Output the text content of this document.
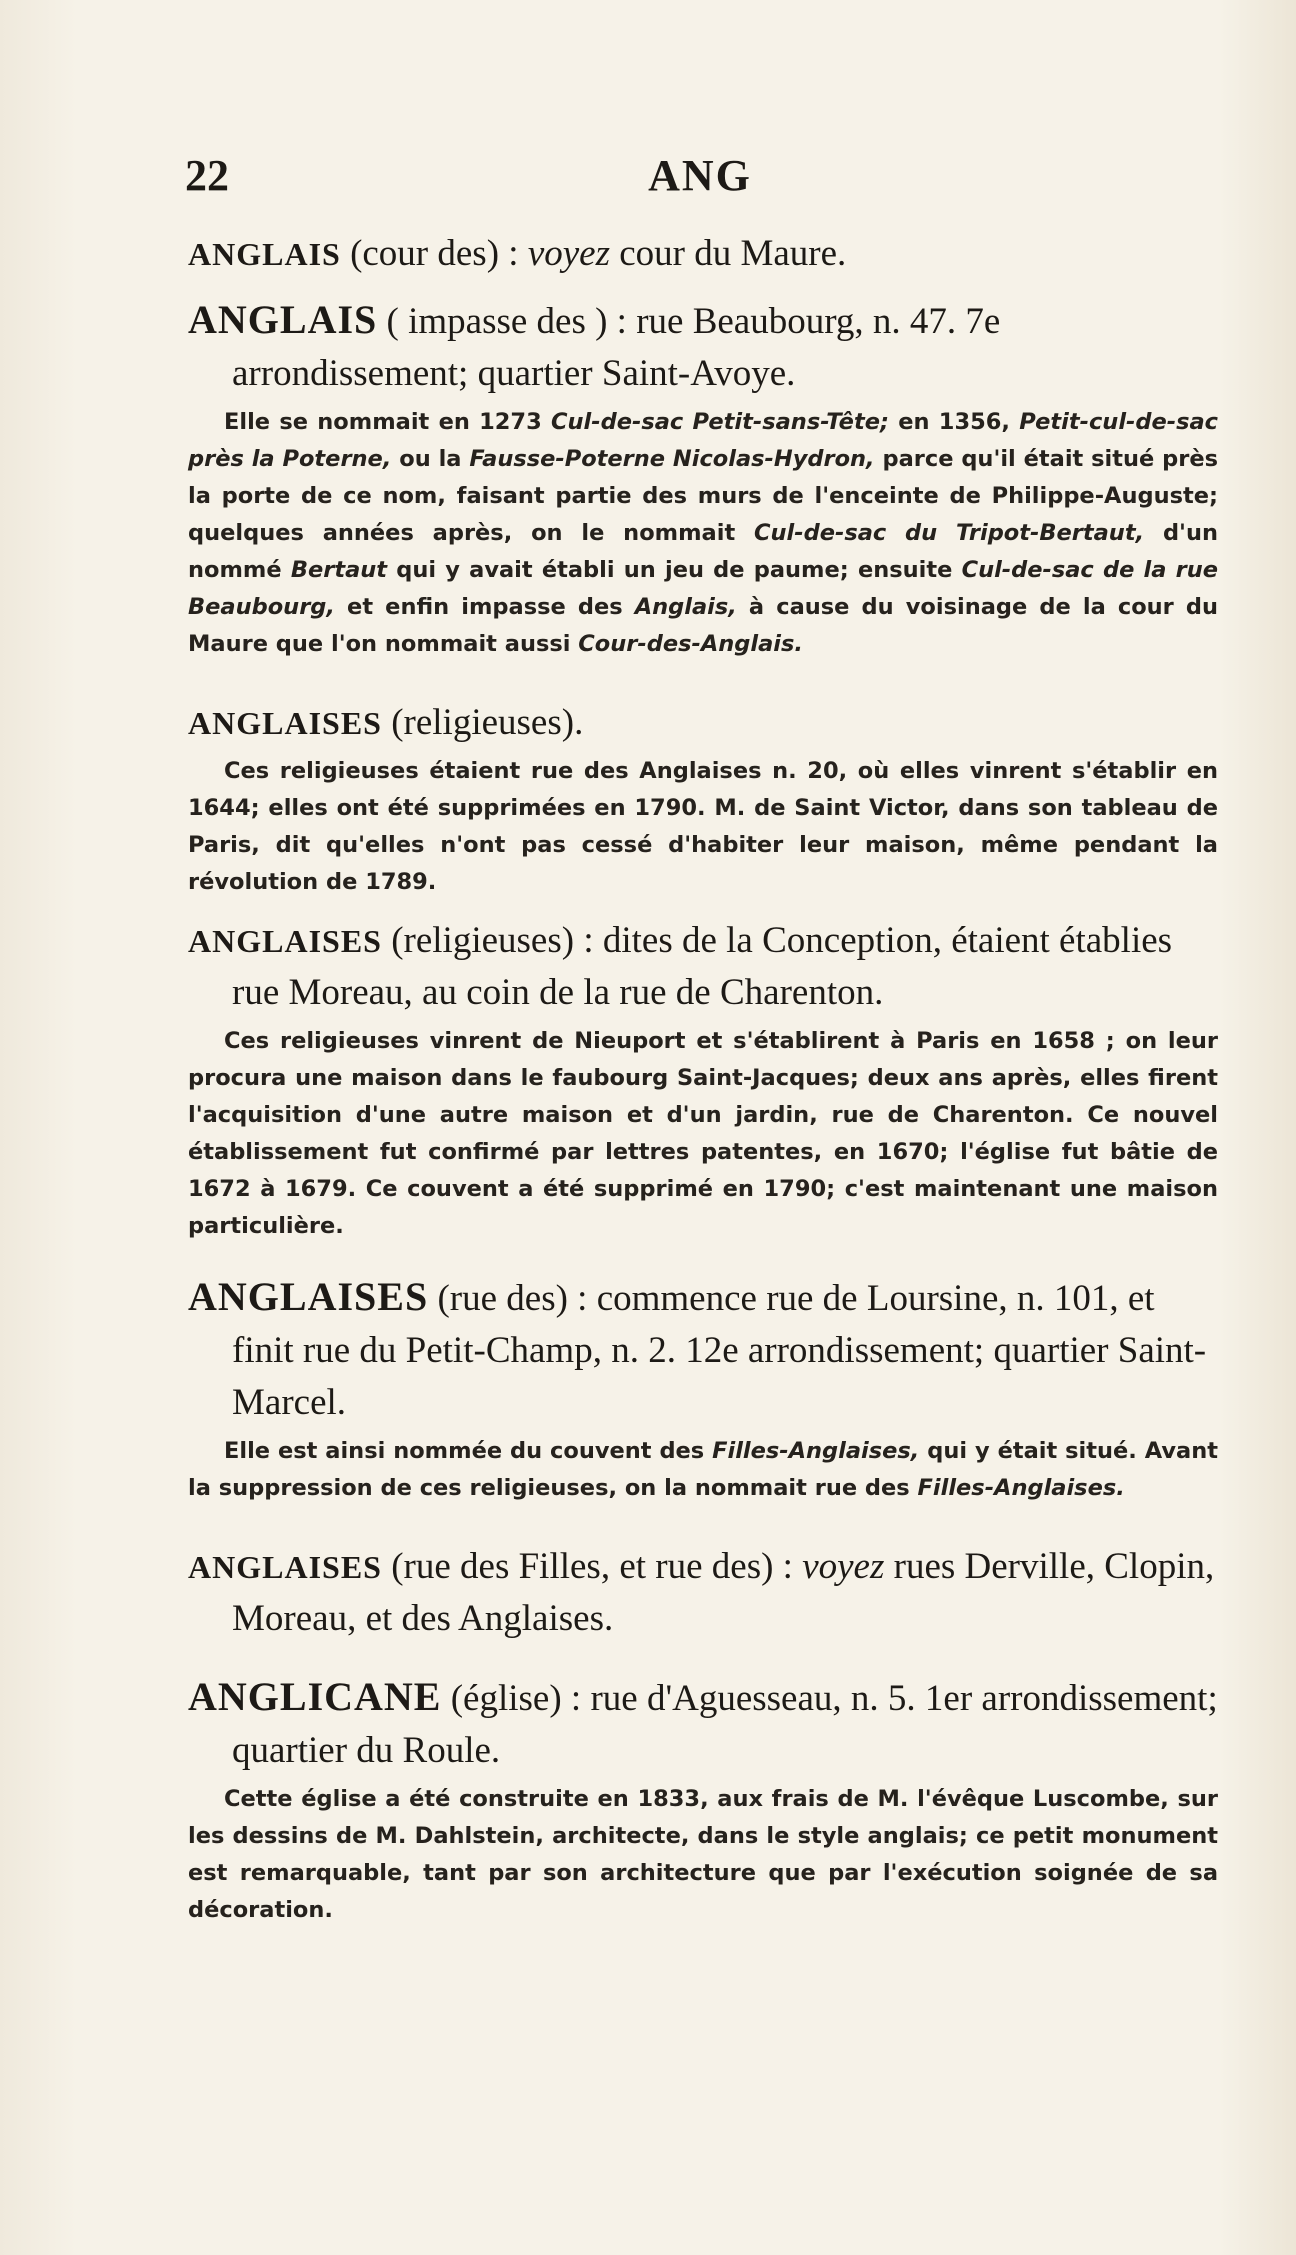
22	ANG

ANGLAIS (cour des) : voyez cour du Maure.

ANGLAIS ( impasse des ) : rue Beaubourg, n. 47. 7e arrondissement; quartier Saint-Avoye.

Elle se nommait en 1273 Cul-de-sac Petit-sans-Tête; en 1356, Petit-cul-de-sac près la Poterne, ou la Fausse-Poterne Nicolas-Hydron, parce qu'il était situé près la porte de ce nom, faisant partie des murs de l'enceinte de Philippe-Auguste; quelques années après, on le nommait Cul-de-sac du Tripot-Bertaut, d'un nommé Bertaut qui y avait établi un jeu de paume; ensuite Cul-de-sac de la rue Beaubourg, et enfin impasse des Anglais, à cause du voisinage de la cour du Maure que l'on nommait aussi Cour-des-Anglais.

ANGLAISES (religieuses).

Ces religieuses étaient rue des Anglaises n. 20, où elles vinrent s'établir en 1644; elles ont été supprimées en 1790. M. de Saint Victor, dans son tableau de Paris, dit qu'elles n'ont pas cessé d'habiter leur maison, même pendant la révolution de 1789.

ANGLAISES (religieuses) : dites de la Conception, étaient établies rue Moreau, au coin de la rue de Charenton.

Ces religieuses vinrent de Nieuport et s'établirent à Paris en 1658 ; on leur procura une maison dans le faubourg Saint-Jacques; deux ans après, elles firent l'acquisition d'une autre maison et d'un jardin, rue de Charenton. Ce nouvel établissement fut confirmé par lettres patentes, en 1670; l'église fut bâtie de 1672 à 1679. Ce couvent a été supprimé en 1790; c'est maintenant une maison particulière.

ANGLAISES (rue des) : commence rue de Loursine, n. 101, et finit rue du Petit-Champ, n. 2. 12e arrondissement; quartier Saint-Marcel.

Elle est ainsi nommée du couvent des Filles-Anglaises, qui y était situé. Avant la suppression de ces religieuses, on la nommait rue des Filles-Anglaises.

ANGLAISES (rue des Filles, et rue des) : voyez rues Derville, Clopin, Moreau, et des Anglaises.

ANGLICANE (église) : rue d'Aguesseau, n. 5. 1er arrondissement; quartier du Roule.

Cette église a été construite en 1833, aux frais de M. l'évêque Luscombe, sur les dessins de M. Dahlstein, architecte, dans le style anglais; ce petit monument est remarquable, tant par son architecture que par l'exécution soignée de sa décoration.
